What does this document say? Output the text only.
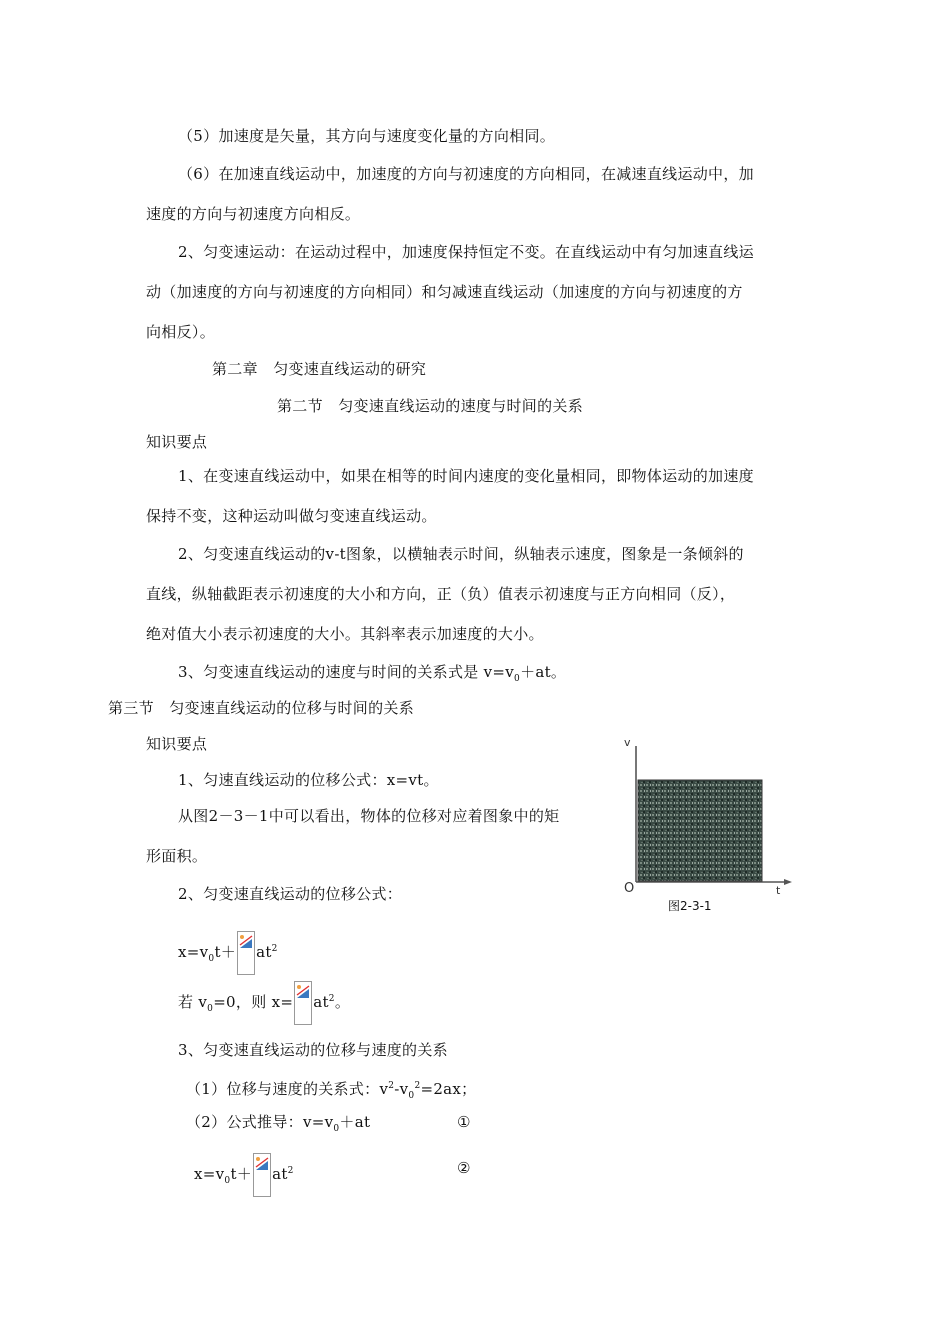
（5）加速度是矢量，其方向与速度变化量的方向相同。
（6）在加速直线运动中，加速度的方向与初速度的方向相同，在减速直线运动中，加
速度的方向与初速度方向相反。
2、匀变速运动：在运动过程中，加速度保持恒定不变。在直线运动中有匀加速直线运
动（加速度的方向与初速度的方向相同）和匀减速直线运动（加速度的方向与初速度的方
向相反）。
第二章　匀变速直线运动的研究
第二节　匀变速直线运动的速度与时间的关系
知识要点
1、在变速直线运动中，如果在相等的时间内速度的变化量相同，即物体运动的加速度
保持不变，这种运动叫做匀变速直线运动。
2、匀变速直线运动的v-t图象，以横轴表示时间，纵轴表示速度，图象是一条倾斜的
直线，纵轴截距表示初速度的大小和方向，正（负）值表示初速度与正方向相同（反），
绝对值大小表示初速度的大小。其斜率表示加速度的大小。
3、匀变速直线运动的速度与时间的关系式是 $v=v_0+at$。
第三节　匀变速直线运动的位移与时间的关系
知识要点
1、匀速直线运动的位移公式：x=vt。
从图2－3－1中可以看出，物体的位移对应着图象中的矩
形面积。
2、匀变速直线运动的位移公式：
$x=v_0t+ at^2$
若 $v_0=0$，则 $x= at^2$。
3、匀变速直线运动的位移与速度的关系
（1）位移与速度的关系式：$v^2-v_0^2=2ax$；
（2）公式推导：$v=v_0+at$	①
$x=v_0t+ at^2$	②
v
O	t
图2-3-1
